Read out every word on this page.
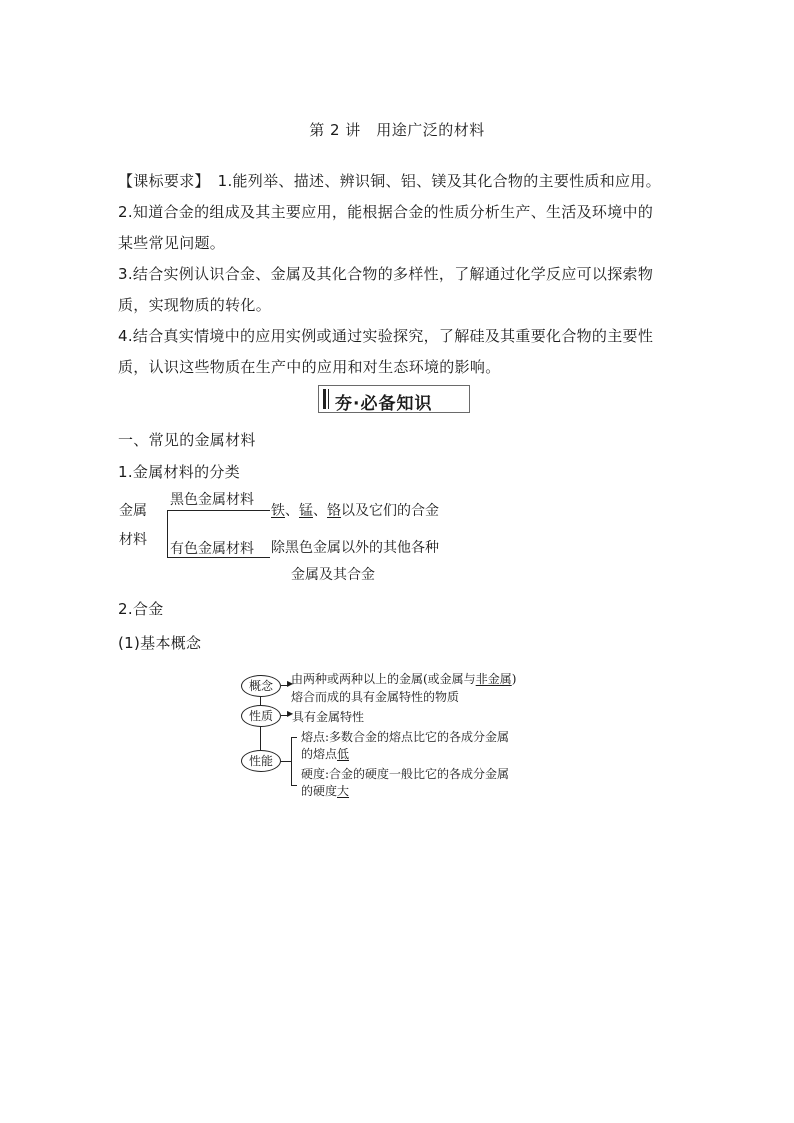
第 2 讲　用途广泛的材料
【课标要求】　1.能列举、描述、辨识铜、铝、镁及其化合物的主要性质和应用。
2.知道合金的组成及其主要应用，能根据合金的性质分析生产、生活及环境中的
某些常见问题。
3.结合实例认识合金、金属及其化合物的多样性，了解通过化学反应可以探索物
质，实现物质的转化。
4.结合真实情境中的应用实例或通过实验探究，了解硅及其重要化合物的主要性
质，认识这些物质在生产中的应用和对生态环境的影响。
夯·必备知识
一、常见的金属材料
1.金属材料的分类
金属
材料
黑色金属材料
有色金属材料
铁、锰、铬以及它们的合金
除黑色金属以外的其他各种
金属及其合金
2.合金
(1)基本概念
概念
性质
性能
▶
▶
由两种或两种以上的金属(或金属与非金属)
熔合而成的具有金属特性的物质
具有金属特性
熔点:多数合金的熔点比它的各成分金属
的熔点低
硬度:合金的硬度一般比它的各成分金属
的硬度大
